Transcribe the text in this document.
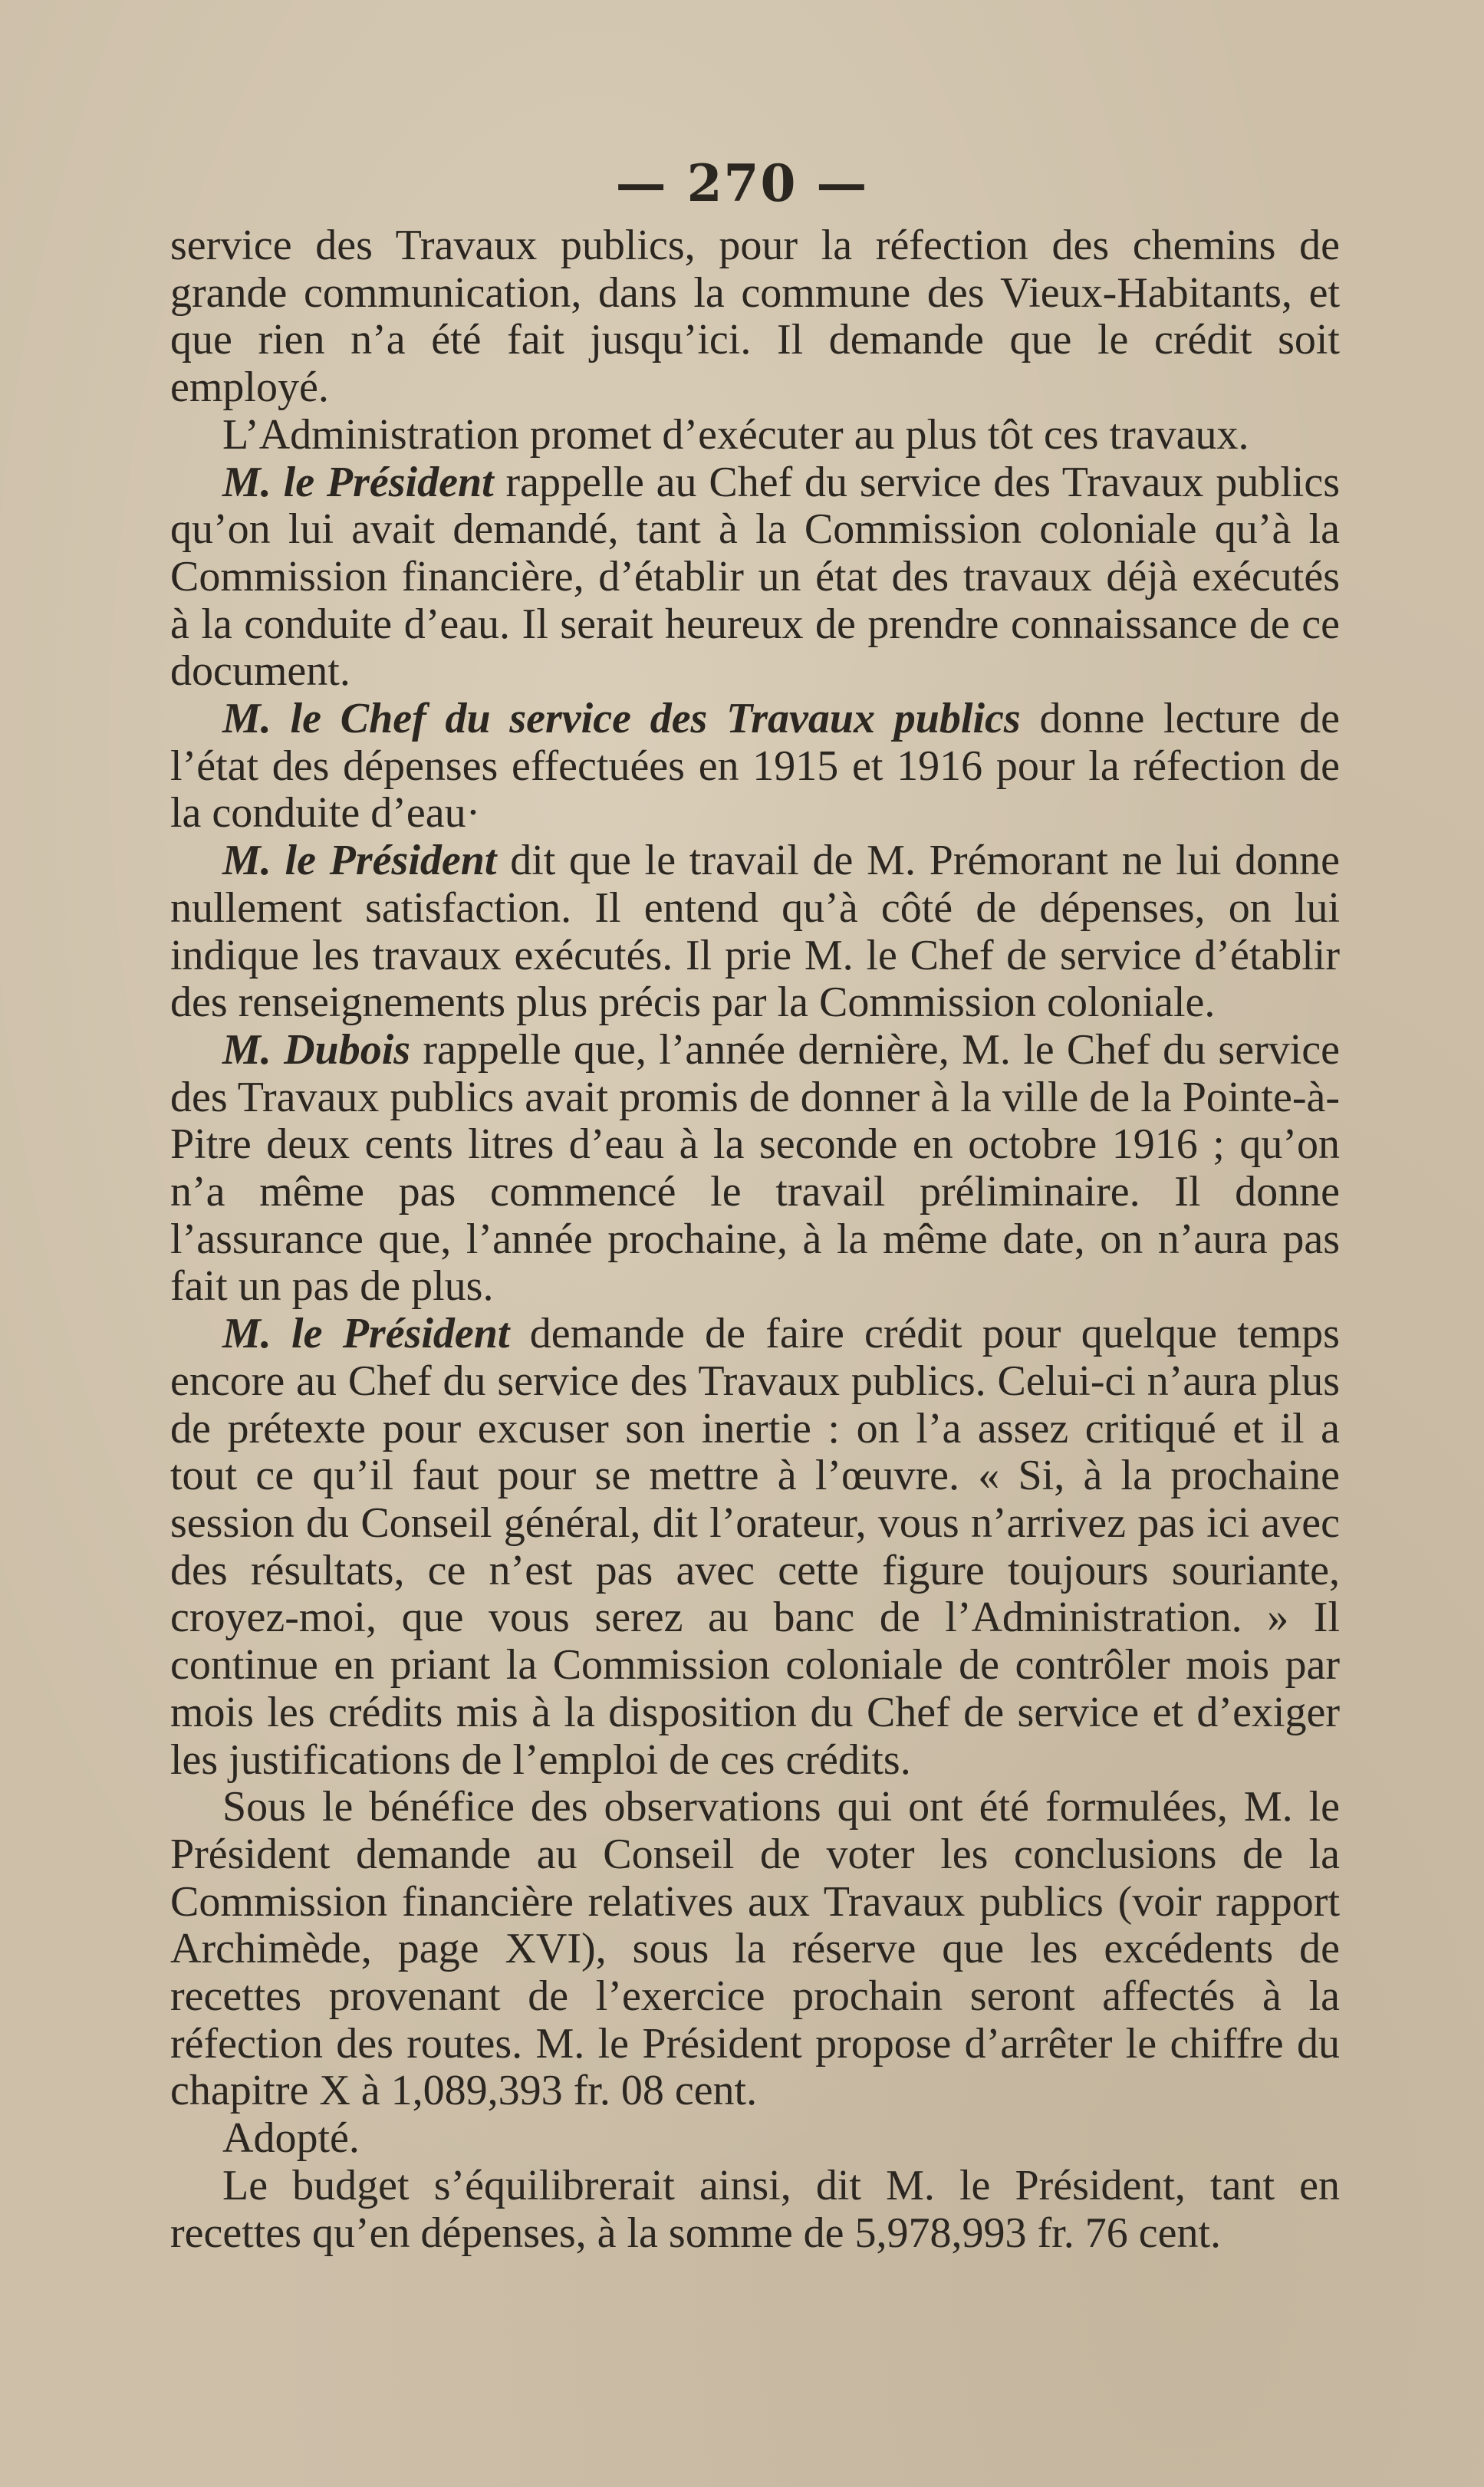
— 270 —

service des Travaux publics, pour la réfection des chemins de grande communication, dans la commune des Vieux-Habitants, et que rien n’a été fait jusqu’ici. Il demande que le crédit soit employé.

L’Administration promet d’exécuter au plus tôt ces travaux.

M. le Président rappelle au Chef du service des Travaux publics qu’on lui avait demandé, tant à la Commission coloniale qu’à la Commission financière, d’établir un état des travaux déjà exécutés à la conduite d’eau. Il serait heureux de prendre connaissance de ce document.

M. le Chef du service des Travaux publics donne lecture de l’état des dépenses effectuées en 1915 et 1916 pour la réfection de la conduite d’eau·

M. le Président dit que le travail de M. Prémorant ne lui donne nullement satisfaction. Il entend qu’à côté de dépenses, on lui indique les travaux exécutés. Il prie M. le Chef de service d’établir des renseignements plus précis par la Commission coloniale.

M. Dubois rappelle que, l’année dernière, M. le Chef du service des Travaux publics avait promis de donner à la ville de la Pointe-à-Pitre deux cents litres d’eau à la seconde en octobre 1916 ; qu’on n’a même pas commencé le travail préliminaire. Il donne l’assurance que, l’année prochaine, à la même date, on n’aura pas fait un pas de plus.

M. le Président demande de faire crédit pour quelque temps encore au Chef du service des Travaux publics. Celui-ci n’aura plus de prétexte pour excuser son inertie : on l’a assez critiqué et il a tout ce qu’il faut pour se mettre à l’œuvre. « Si, à la prochaine session du Conseil général, dit l’orateur, vous n’arrivez pas ici avec des résultats, ce n’est pas avec cette figure toujours souriante, croyez-moi, que vous serez au banc de l’Administration. » Il continue en priant la Commission coloniale de contrôler mois par mois les crédits mis à la disposition du Chef de service et d’exiger les justifications de l’emploi de ces crédits.

Sous le bénéfice des observations qui ont été formulées, M. le Président demande au Conseil de voter les conclusions de la Commission financière relatives aux Travaux publics (voir rapport Archimède, page XVI), sous la réserve que les excédents de recettes provenant de l’exercice prochain seront affectés à la réfection des routes. M. le Président propose d’arrêter le chiffre du chapitre X à 1,089,393 fr. 08 cent.

Adopté.

Le budget s’équilibrerait ainsi, dit M. le Président, tant en recettes qu’en dépenses, à la somme de 5,978,993 fr. 76 cent.
